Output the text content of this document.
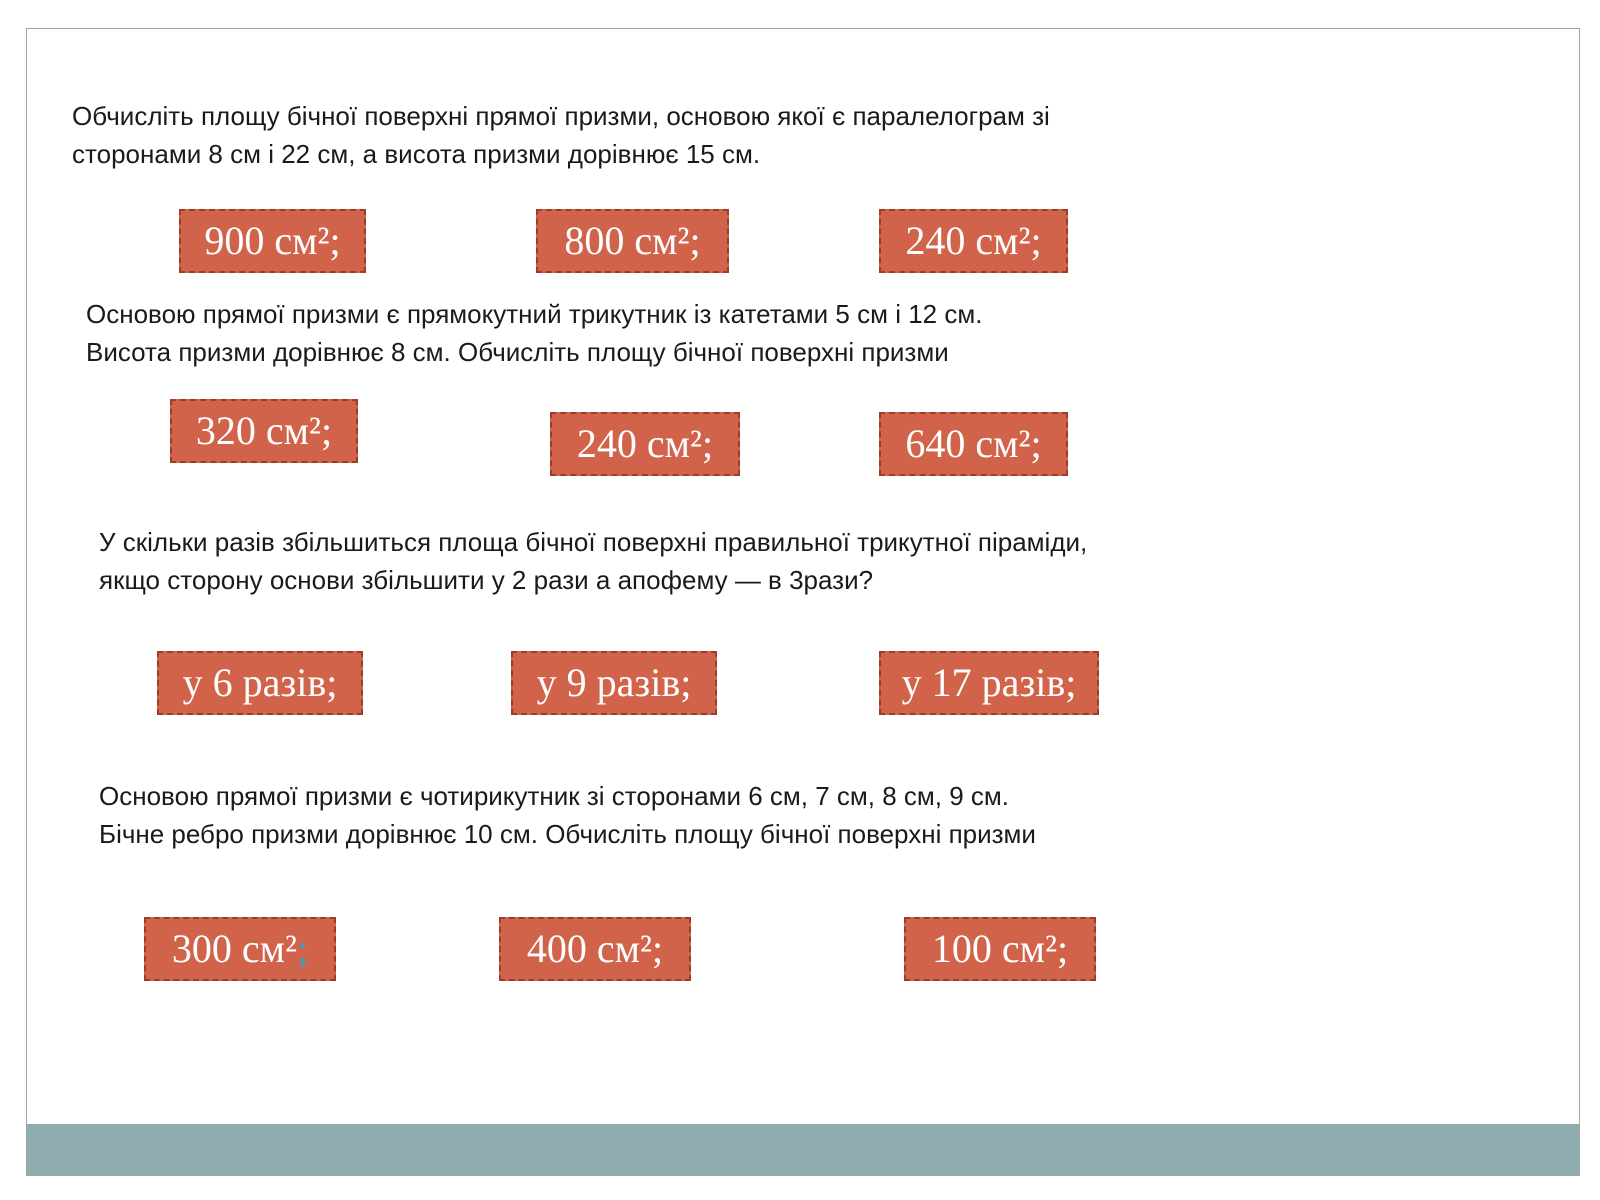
Обчисліть площу бічної поверхні прямої призми, основою якої є паралелограм зі
сторонами 8 см і 22 см, а висота призми дорівнює 15 см.
900 см²;	800 см²;	240 см²;
Основою прямої призми є прямокутний трикутник із катетами 5 см і 12 см.
Висота призми дорівнює 8 см. Обчисліть площу бічної поверхні призми
320 см²;	240 см²;	640 см²;
У скільки разів збільшиться площа бічної поверхні правильної трикутної піраміди,
якщо сторону основи збільшити у 2 рази а апофему — в 3рази?
у 6 разів;	у 9 разів;	у 17 разів;
Основою прямої призми є чотирикутник зі сторонами 6 см, 7 см, 8 см, 9 см.
Бічне ребро призми дорівнює 10 см. Обчисліть площу бічної поверхні призми
300 см²;	400 см²;	100 см²;
